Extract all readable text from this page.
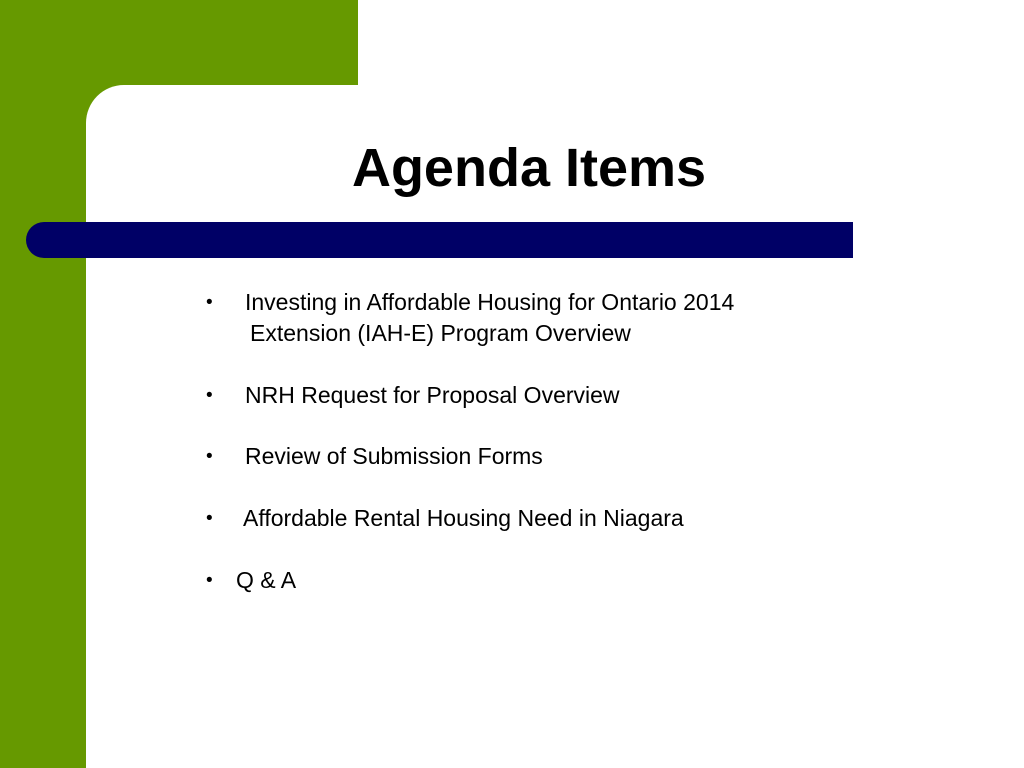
Agenda Items
• Investing in Affordable Housing for Ontario 2014
Extension (IAH-E) Program Overview
• NRH Request for Proposal Overview
• Review of Submission Forms
• Affordable Rental Housing Need in Niagara
• Q & A
